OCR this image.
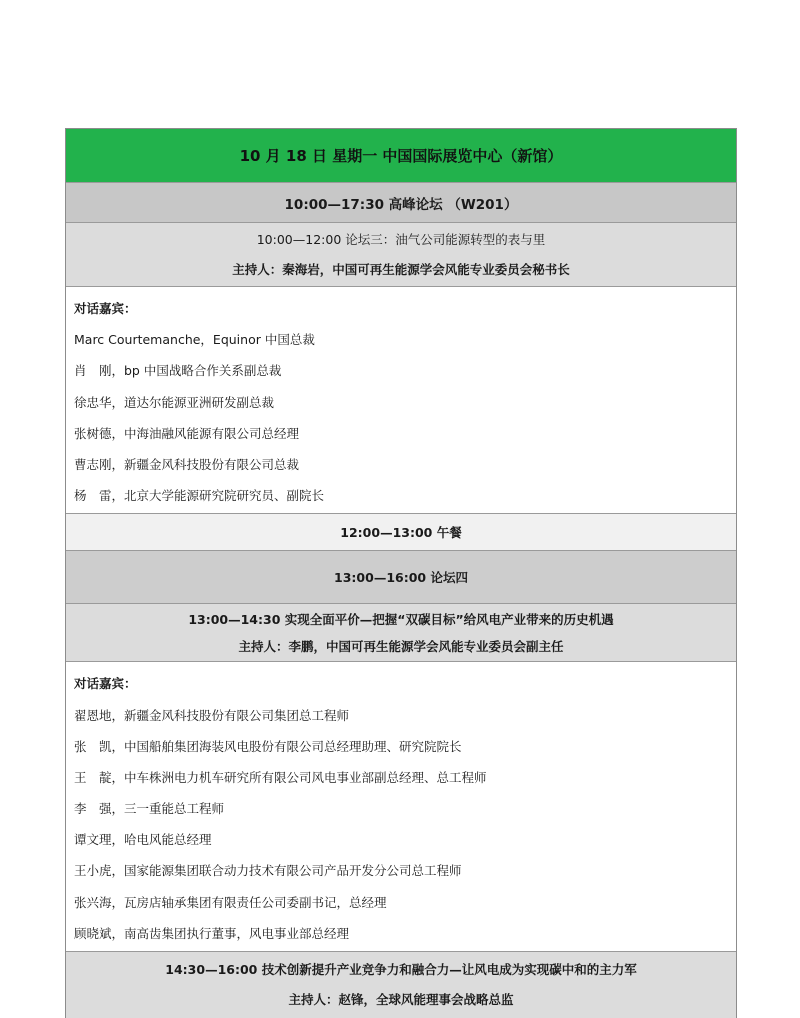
10 月 18 日 星期一 中国国际展览中心（新馆）
10:00—17:30 高峰论坛 （W201）
10:00—12:00 论坛三：油气公司能源转型的表与里
主持人：秦海岩，中国可再生能源学会风能专业委员会秘书长
对话嘉宾：
Marc Courtemanche，Equinor 中国总裁
肖　刚，bp 中国战略合作关系副总裁
徐忠华，道达尔能源亚洲研发副总裁
张树德，中海油融风能源有限公司总经理
曹志刚，新疆金风科技股份有限公司总裁
杨　雷，北京大学能源研究院研究员、副院长
12:00—13:00 午餐
13:00—16:00 论坛四
13:00—14:30 实现全面平价—把握“双碳目标”给风电产业带来的历史机遇
主持人：李鹏，中国可再生能源学会风能专业委员会副主任
对话嘉宾：
翟恩地，新疆金风科技股份有限公司集团总工程师
张　凯，中国船舶集团海装风电股份有限公司总经理助理、研究院院长
王　靛，中车株洲电力机车研究所有限公司风电事业部副总经理、总工程师
李　强，三一重能总工程师
谭文理，哈电风能总经理
王小虎，国家能源集团联合动力技术有限公司产品开发分公司总工程师
张兴海，瓦房店轴承集团有限责任公司委副书记，总经理
顾晓斌，南高齿集团执行董事，风电事业部总经理
14:30—16:00 技术创新提升产业竞争力和融合力—让风电成为实现碳中和的主力军
主持人：赵锋，全球风能理事会战略总监
